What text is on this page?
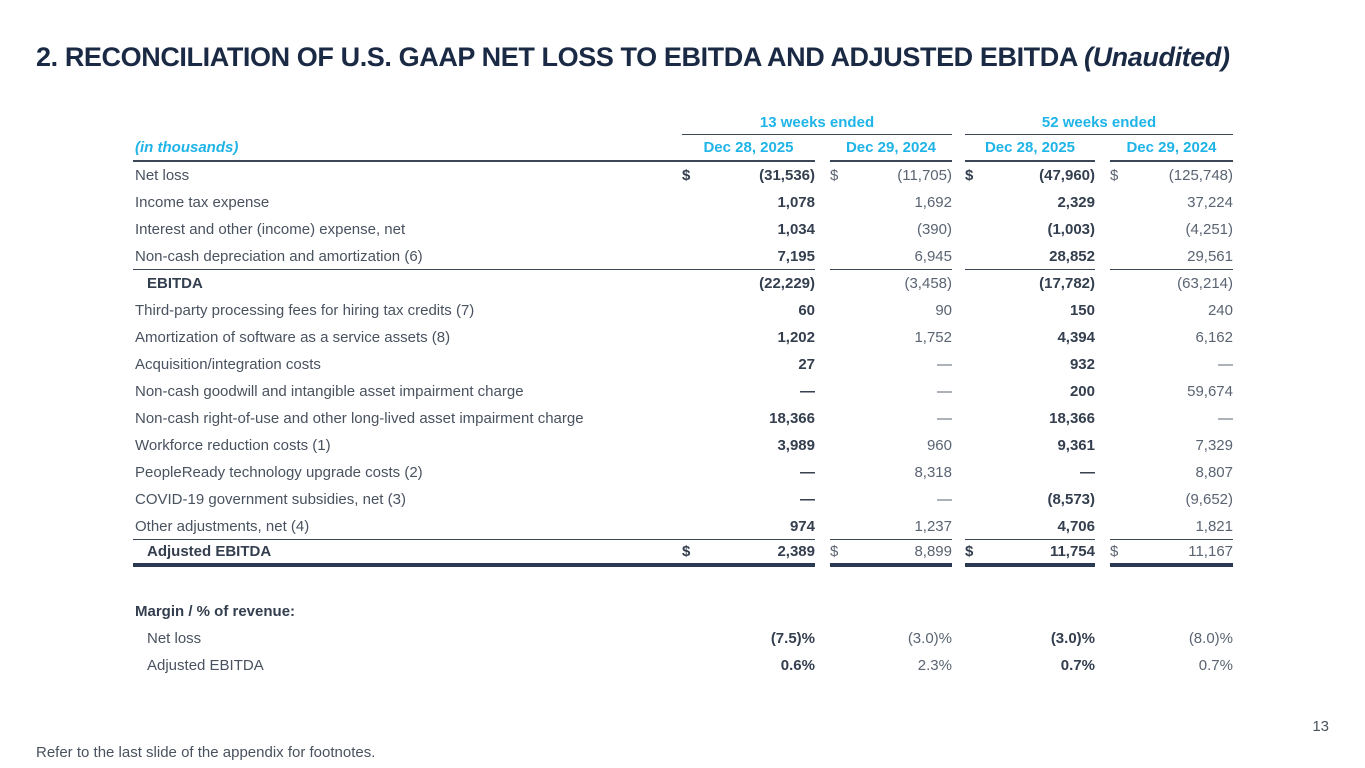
2. RECONCILIATION OF U.S. GAAP NET LOSS TO EBITDA AND ADJUSTED EBITDA (Unaudited)
13 weeks ended	52 weeks ended
(in thousands)	Dec 28, 2025	Dec 29, 2024	Dec 28, 2025	Dec 29, 2024
Net loss	$	(31,536) $	(11,705) $	(47,960) $	(125,748)
Income tax expense	1,078	1,692	2,329	37,224
Interest and other (income) expense, net	1,034	(390)	(1,003)	(4,251)
Non-cash depreciation and amortization (6)	7,195	6,945	28,852	29,561
EBITDA	(22,229)	(3,458)	(17,782)	(63,214)
Third-party processing fees for hiring tax credits (7)	60	90	150	240
Amortization of software as a service assets (8)	1,202	1,752	4,394	6,162
Acquisition/integration costs	27	—	932	—
Non-cash goodwill and intangible asset impairment charge	—	—	200	59,674
Non-cash right-of-use and other long-lived asset impairment charge	18,366	—	18,366	—
Workforce reduction costs (1)	3,989	960	9,361	7,329
PeopleReady technology upgrade costs (2)	—	8,318	—	8,807
COVID-19 government subsidies, net (3)	—	—	(8,573)	(9,652)
Other adjustments, net (4)	974	1,237	4,706	1,821
Adjusted EBITDA	$	2,389 $	8,899 $	11,754 $	11,167
Margin / % of revenue:
Net loss	(7.5)%	(3.0)%	(3.0)%	(8.0)%
Adjusted EBITDA	0.6%	2.3%	0.7%	0.7%
Refer to the last slide of the appendix for footnotes.
13
